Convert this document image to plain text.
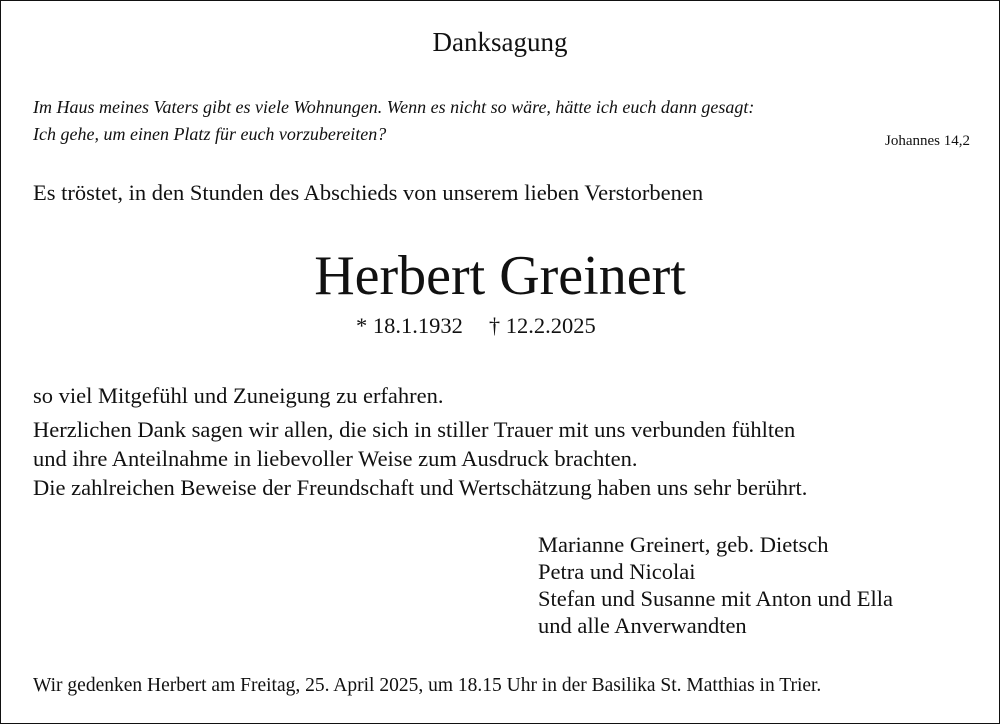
Danksagung

Im Haus meines Vaters gibt es viele Wohnungen. Wenn es nicht so wäre, hätte ich euch dann gesagt:
Ich gehe, um einen Platz für euch vorzubereiten?	Johannes 14,2

Es tröstet, in den Stunden des Abschieds von unserem lieben Verstorbenen

Herbert Greinert

* 18.1.1932 † 12.2.2025

so viel Mitgefühl und Zuneigung zu erfahren.
Herzlichen Dank sagen wir allen, die sich in stiller Trauer mit uns verbunden fühlten
und ihre Anteilnahme in liebevoller Weise zum Ausdruck brachten.
Die zahlreichen Beweise der Freundschaft und Wertschätzung haben uns sehr berührt.
Marianne Greinert, geb. Dietsch
Petra und Nicolai
Stefan und Susanne mit Anton und Ella
und alle Anverwandten

Wir gedenken Herbert am Freitag, 25. April 2025, um 18.15 Uhr in der Basilika St. Matthias in Trier.
